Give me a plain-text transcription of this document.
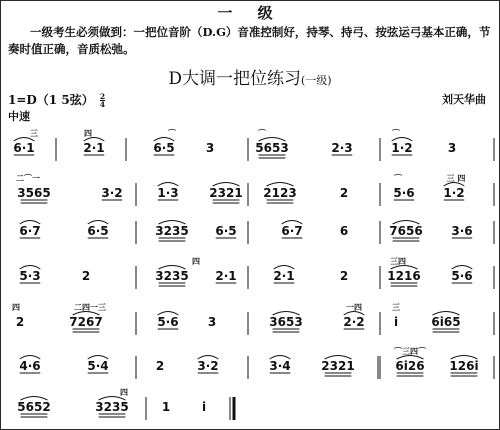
一 级
一级考生必须做到：一把位音阶（D.G）音准控制好，持琴、持弓、按弦运弓基本正确，节奏时值正确，音质松弛。
D大调一把位练习(一级)
1=D（1 5弦） $\frac{2}{4}$	刘天华曲
中速
6·1
三
2·1
四
6·5
⌒
3	5653
⌒
2·3	1·2
⌒
3
3565
二⌒一
3·2	1·3	2321 2123	2	5·6
⌒
1·2
三 四
6·7	6·5	3235 6·5	6·7	6	7656 3·6
5·3	2	3235
四
2·1	2·1	2	1216
三四
5·6
2
四
7267
二四一三
5·6 3	3653	2·2
一四
i
三
6i65
4·6	5·4	2	3·2	3·4	2321	6i26
⌒三四⌒
126i
5652	3235
四
1	i
